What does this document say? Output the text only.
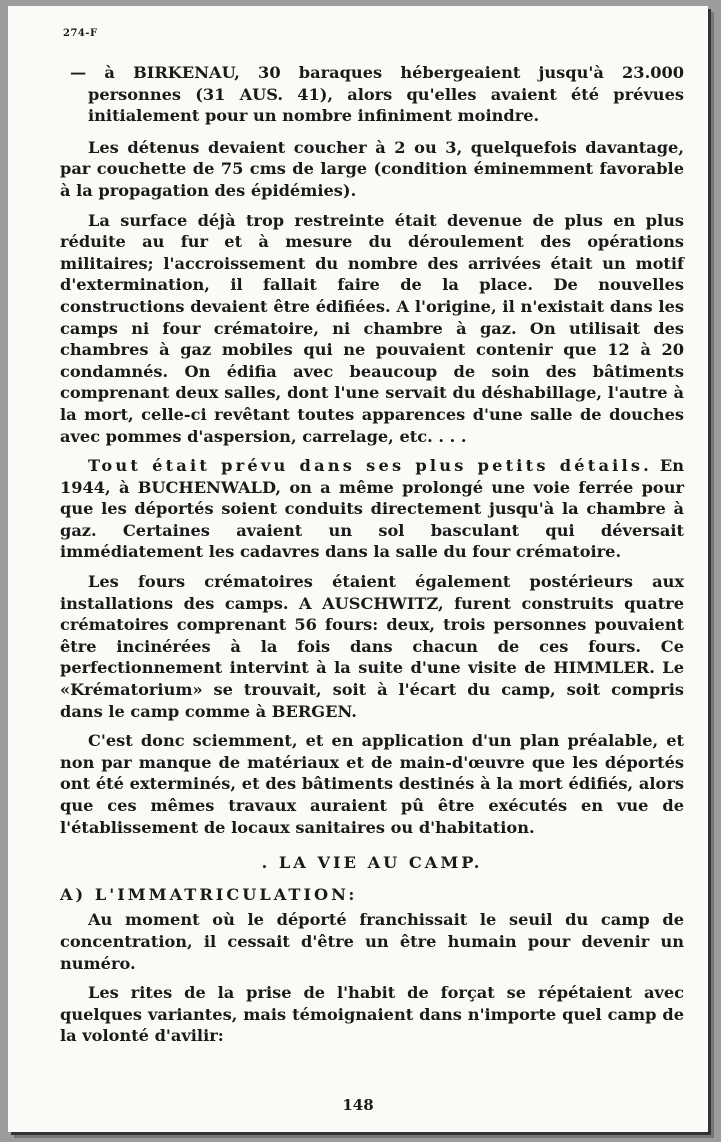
274-F

— à BIRKENAU, 30 baraques hébergeaient jusqu'à 23.000 personnes (31 AUS. 41), alors qu'elles avaient été prévues initialement pour un nombre infiniment moindre.

Les détenus devaient coucher à 2 ou 3, quelquefois davantage, par couchette de 75 cms de large (condition éminemment favorable à la propagation des épidémies).

La surface déjà trop restreinte était devenue de plus en plus réduite au fur et à mesure du déroulement des opérations militaires; l'accroissement du nombre des arrivées était un motif d'extermination, il fallait faire de la place. De nouvelles constructions devaient être édifiées. A l'origine, il n'existait dans les camps ni four crématoire, ni chambre à gaz. On utilisait des chambres à gaz mobiles qui ne pouvaient contenir que 12 à 20 condamnés. On édifia avec beaucoup de soin des bâtiments comprenant deux salles, dont l'une servait du déshabillage, l'autre à la mort, celle-ci revêtant toutes apparences d'une salle de douches avec pommes d'aspersion, carrelage, etc. . . .

Tout était prévu dans ses plus petits détails. En 1944, à BUCHENWALD, on a même prolongé une voie ferrée pour que les déportés soient conduits directement jusqu'à la chambre à gaz. Certaines avaient un sol basculant qui déversait immédiatement les cadavres dans la salle du four crématoire.

Les fours crématoires étaient également postérieurs aux installations des camps. A AUSCHWITZ, furent construits quatre crématoires comprenant 56 fours: deux, trois personnes pouvaient être incinérées à la fois dans chacun de ces fours. Ce perfectionnement intervint à la suite d'une visite de HIMMLER. Le «Krématorium» se trouvait, soit à l'écart du camp, soit compris dans le camp comme à BERGEN.

C'est donc sciemment, et en application d'un plan préalable, et non par manque de matériaux et de main-d'œuvre que les déportés ont été exterminés, et des bâtiments destinés à la mort édifiés, alors que ces mêmes travaux auraient pû être exécutés en vue de l'établissement de locaux sanitaires ou d'habitation.

. LA VIE AU CAMP.
A) L'IMMATRICULATION:

Au moment où le déporté franchissait le seuil du camp de concentration, il cessait d'être un être humain pour devenir un numéro.

Les rites de la prise de l'habit de forçat se répétaient avec quelques variantes, mais témoignaient dans n'importe quel camp de la volonté d'avilir:

148
